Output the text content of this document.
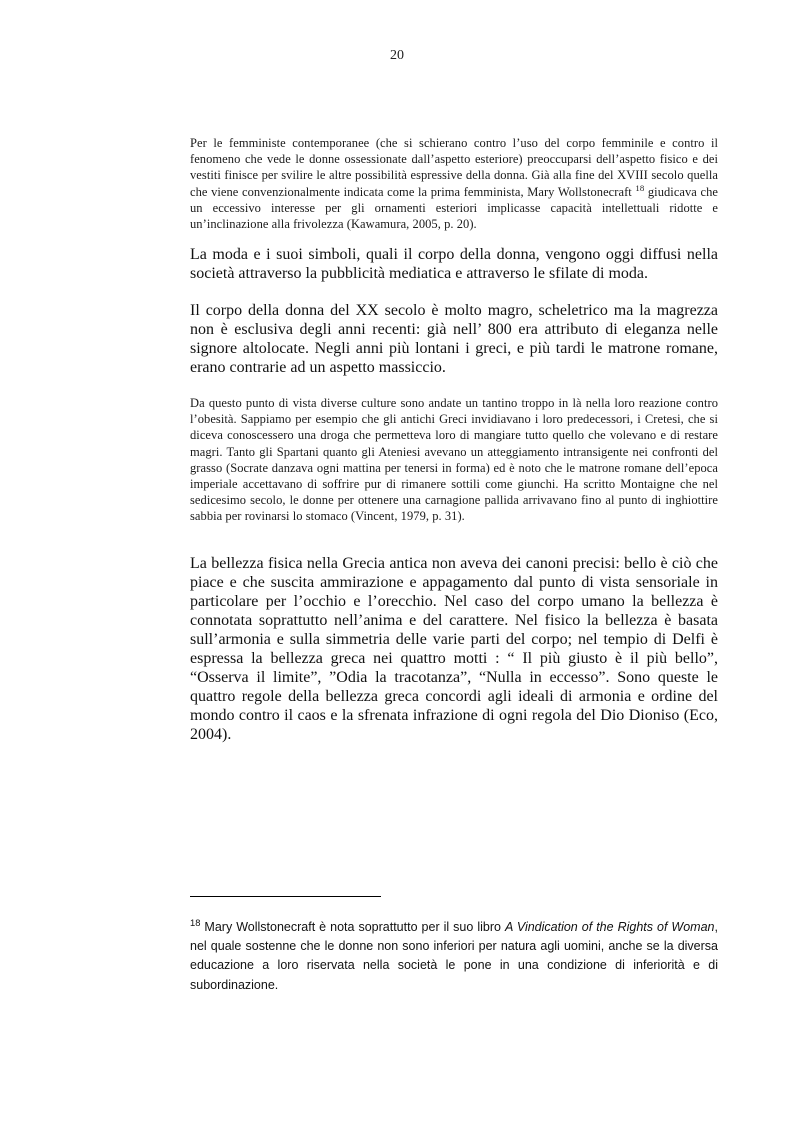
20

Per le femministe contemporanee (che si schierano contro l’uso del corpo femminile e contro il fenomeno che vede le donne ossessionate dall’aspetto esteriore) preoccuparsi dell’aspetto fisico e dei vestiti finisce per svilire le altre possibilità espressive della donna. Già alla fine del XVIII secolo quella che viene convenzionalmente indicata come la prima femminista, Mary Wollstonecraft $^{18}$ giudicava che un eccessivo interesse per gli ornamenti esteriori implicasse capacità intellettuali ridotte e un’inclinazione alla frivolezza (Kawamura, 2005, p. 20).

La moda e i suoi simboli, quali il corpo della donna, vengono oggi diffusi nella società attraverso la pubblicità mediatica e attraverso le sfilate di moda.

Il corpo della donna del XX secolo è molto magro, scheletrico ma la magrezza non è esclusiva degli anni recenti: già nell’ 800 era attributo di eleganza nelle signore altolocate. Negli anni più lontani i greci, e più tardi le matrone romane, erano contrarie ad un aspetto massiccio.

Da questo punto di vista diverse culture sono andate un tantino troppo in là nella loro reazione contro l’obesità. Sappiamo per esempio che gli antichi Greci invidiavano i loro predecessori, i Cretesi, che si diceva conoscessero una droga che permetteva loro di mangiare tutto quello che volevano e di restare magri. Tanto gli Spartani quanto gli Ateniesi avevano un atteggiamento intransigente nei confronti del grasso (Socrate danzava ogni mattina per tenersi in forma) ed è noto che le matrone romane dell’epoca imperiale accettavano di soffrire pur di rimanere sottili come giunchi. Ha scritto Montaigne che nel sedicesimo secolo, le donne per ottenere una carnagione pallida arrivavano fino al punto di inghiottire sabbia per rovinarsi lo stomaco (Vincent, 1979, p. 31).

La bellezza fisica nella Grecia antica non aveva dei canoni precisi: bello è ciò che piace e che suscita ammirazione e appagamento dal punto di vista sensoriale in particolare per l’occhio e l’orecchio. Nel caso del corpo umano la bellezza è connotata soprattutto nell’anima e del carattere. Nel fisico la bellezza è basata sull’armonia e sulla simmetria delle varie parti del corpo; nel tempio di Delfi è espressa la bellezza greca nei quattro motti : “ Il più giusto è il più bello”, “Osserva il limite”, ”Odia la tracotanza”, “Nulla in eccesso”. Sono queste le quattro regole della bellezza greca concordi agli ideali di armonia e ordine del mondo contro il caos e la sfrenata infrazione di ogni regola del Dio Dioniso (Eco, 2004).

$^{18}$ Mary Wollstonecraft è nota soprattutto per il suo libro A Vindication of the Rights of Woman, nel quale sostenne che le donne non sono inferiori per natura agli uomini, anche se la diversa educazione a loro riservata nella società le pone in una condizione di inferiorità e di subordinazione.
